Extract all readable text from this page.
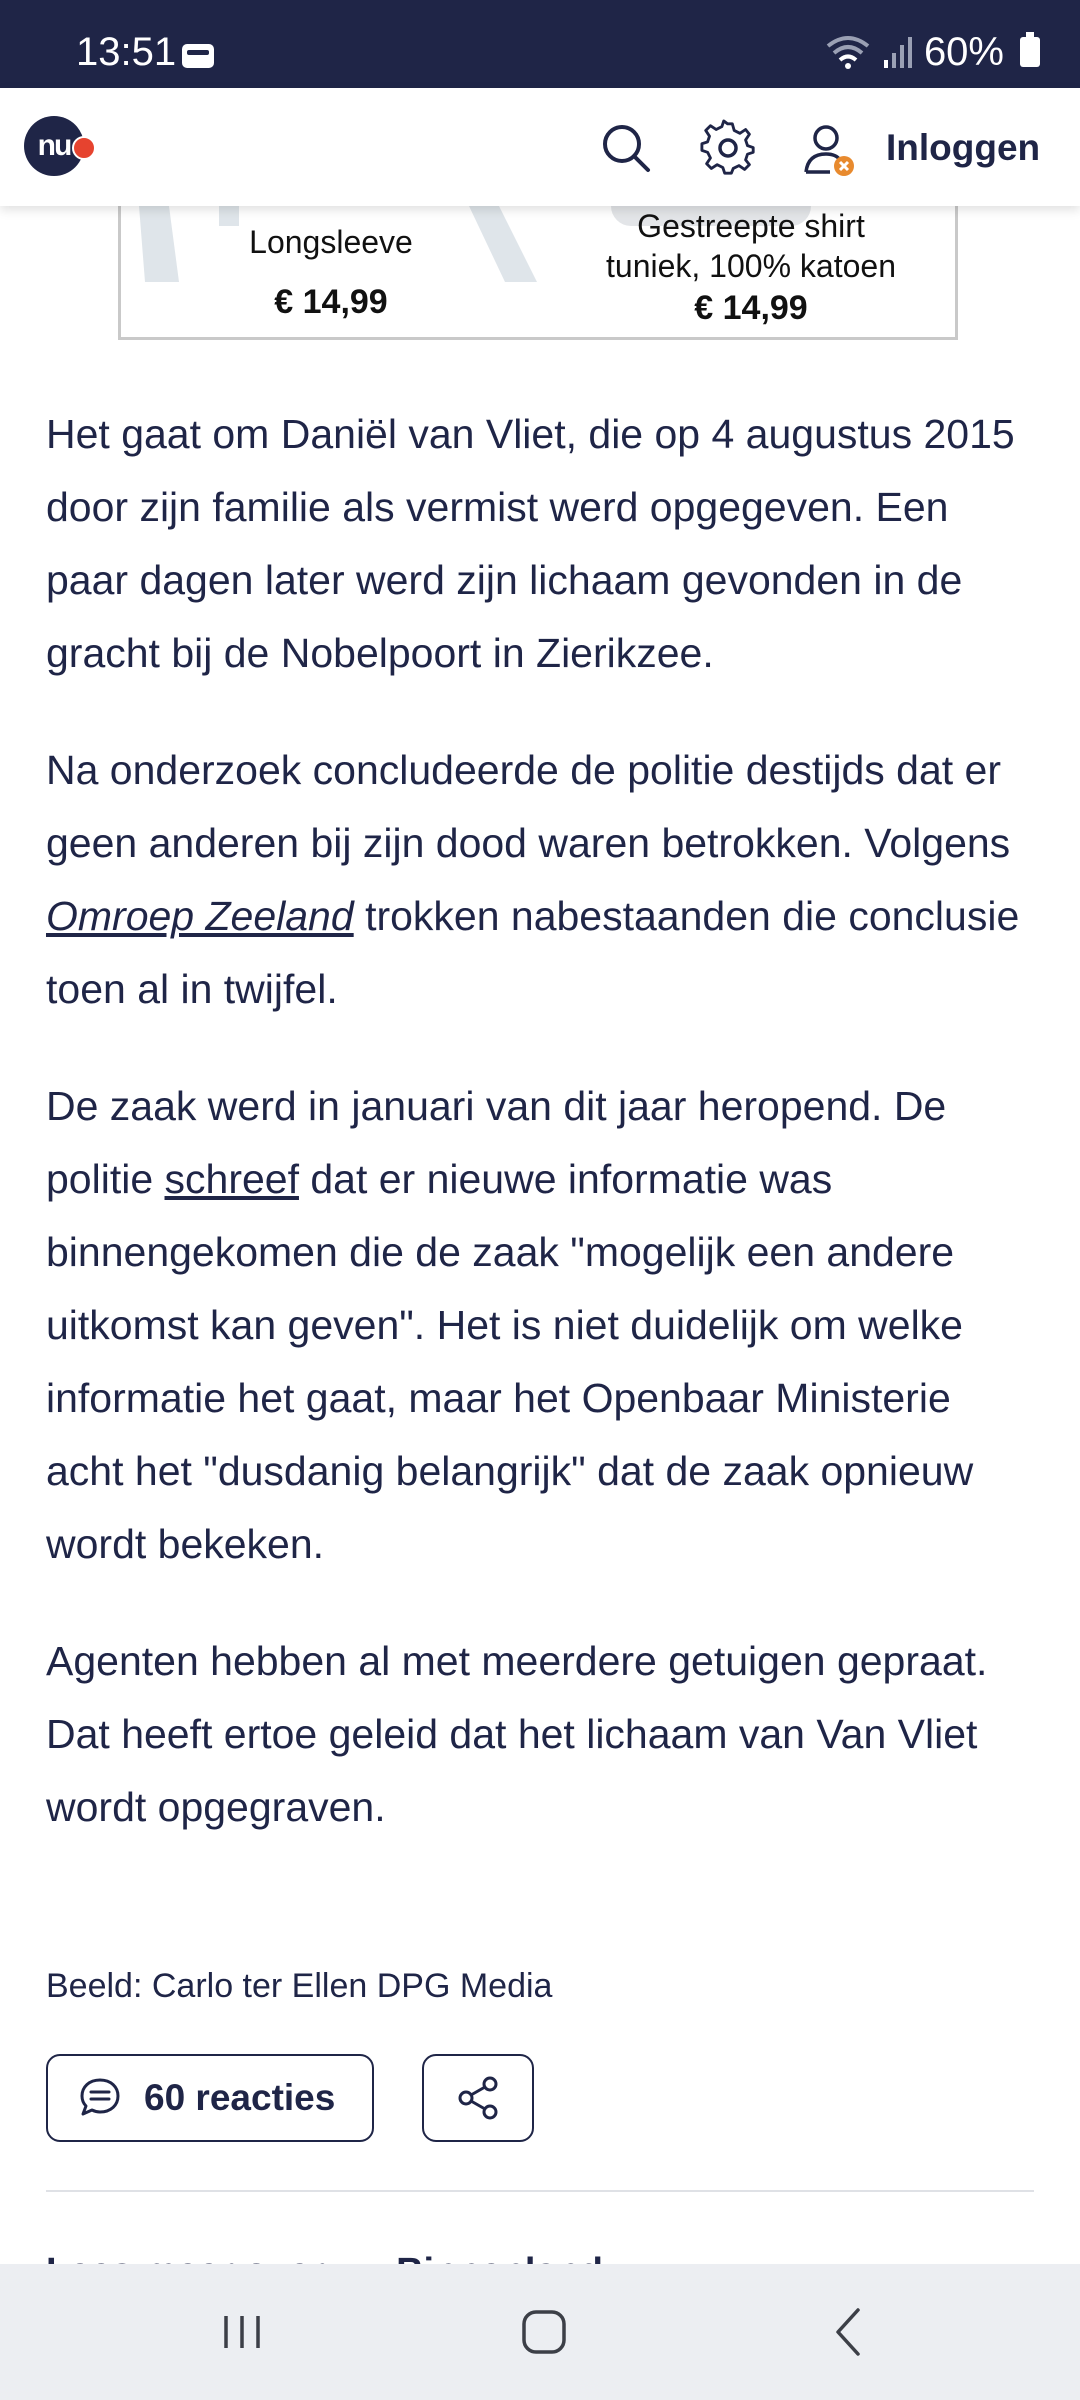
13:51	60%
nu	Inloggen
Longsleeve
€ 14,99
Gestreepte shirt
tuniek, 100% katoen
€ 14,99

Het gaat om Daniël van Vliet, die op 4 augustus 2015 door zijn familie als vermist werd opgegeven. Een paar dagen later werd zijn lichaam gevonden in de gracht bij de Nobelpoort in Zierikzee.

Na onderzoek concludeerde de politie destijds dat er geen anderen bij zijn dood waren betrokken. Volgens Omroep Zeeland trokken nabestaanden die conclusie toen al in twijfel.

De zaak werd in januari van dit jaar heropend. De politie schreef dat er nieuwe informatie was binnengekomen die de zaak "mogelijk een andere uitkomst kan geven". Het is niet duidelijk om welke informatie het gaat, maar het Openbaar Ministerie acht het "dusdanig belangrijk" dat de zaak opnieuw wordt bekeken.

Agenten hebben al met meerdere getuigen gepraat. Dat heeft ertoe geleid dat het lichaam van Van Vliet wordt opgegraven.

Beeld: Carlo ter Ellen DPG Media
60 reacties
